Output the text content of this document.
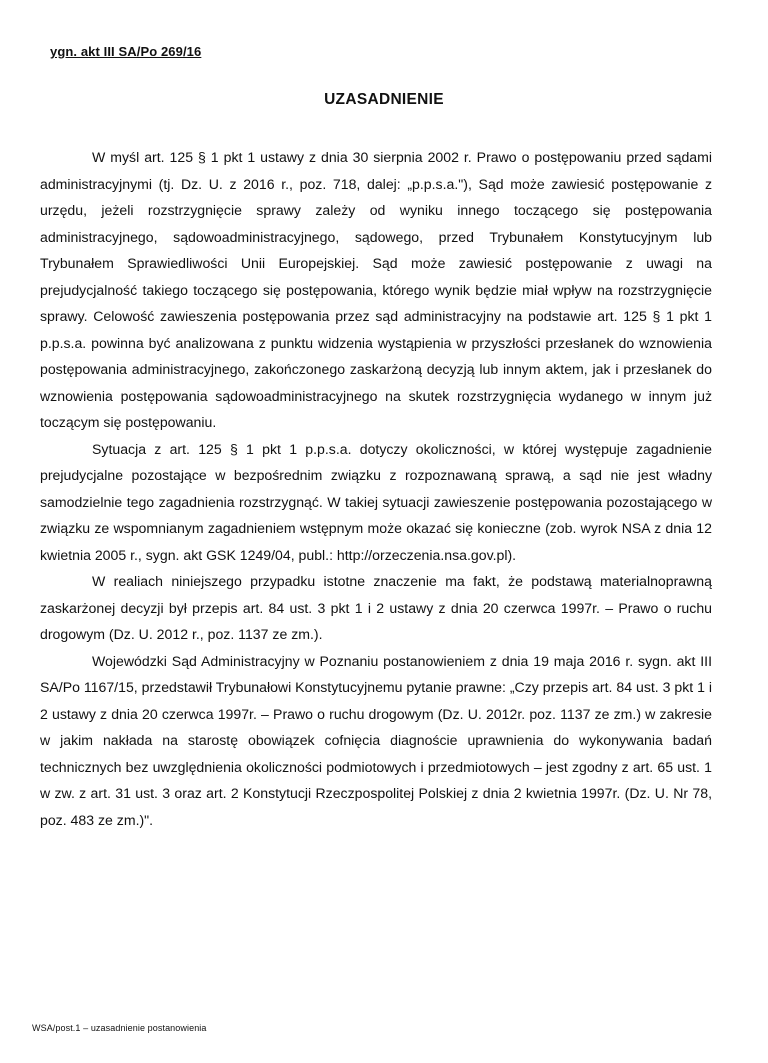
ygn. akt III SA/Po 269/16
UZASADNIENIE

W myśl art. 125 § 1 pkt 1 ustawy z dnia 30 sierpnia 2002 r. Prawo o postępowaniu przed sądami administracyjnymi (tj. Dz. U. z 2016 r., poz. 718, dalej: „p.p.s.a."), Sąd może zawiesić postępowanie z urzędu, jeżeli rozstrzygnięcie sprawy zależy od wyniku innego toczącego się postępowania administracyjnego, sądowoadministracyjnego, sądowego, przed Trybunałem Konstytucyjnym lub Trybunałem Sprawiedliwości Unii Europejskiej. Sąd może zawiesić postępowanie z uwagi na prejudycjalność takiego toczącego się postępowania, którego wynik będzie miał wpływ na rozstrzygnięcie sprawy. Celowość zawieszenia postępowania przez sąd administracyjny na podstawie art. 125 § 1 pkt 1 p.p.s.a. powinna być analizowana z punktu widzenia wystąpienia w przyszłości przesłanek do wznowienia postępowania administracyjnego, zakończonego zaskarżoną decyzją lub innym aktem, jak i przesłanek do wznowienia postępowania sądowoadministracyjnego na skutek rozstrzygnięcia wydanego w innym już toczącym się postępowaniu.

Sytuacja z art. 125 § 1 pkt 1 p.p.s.a. dotyczy okoliczności, w której występuje zagadnienie prejudycjalne pozostające w bezpośrednim związku z rozpoznawaną sprawą, a sąd nie jest władny samodzielnie tego zagadnienia rozstrzygnąć. W takiej sytuacji zawieszenie postępowania pozostającego w związku ze wspomnianym zagadnieniem wstępnym może okazać się konieczne (zob. wyrok NSA z dnia 12 kwietnia 2005 r., sygn. akt GSK 1249/04, publ.: http://orzeczenia.nsa.gov.pl).

W realiach niniejszego przypadku istotne znaczenie ma fakt, że podstawą materialnoprawną zaskarżonej decyzji był przepis art. 84 ust. 3 pkt 1 i 2 ustawy z dnia 20 czerwca 1997r. – Prawo o ruchu drogowym (Dz. U. 2012 r., poz. 1137 ze zm.).

Wojewódzki Sąd Administracyjny w Poznaniu postanowieniem z dnia 19 maja 2016 r. sygn. akt III SA/Po 1167/15, przedstawił Trybunałowi Konstytucyjnemu pytanie prawne: „Czy przepis art. 84 ust. 3 pkt 1 i 2 ustawy z dnia 20 czerwca 1997r. – Prawo o ruchu drogowym (Dz. U. 2012r. poz. 1137 ze zm.) w zakresie w jakim nakłada na starostę obowiązek cofnięcia diagnoście uprawnienia do wykonywania badań technicznych bez uwzględnienia okoliczności podmiotowych i przedmiotowych – jest zgodny z art. 65 ust. 1 w zw. z art. 31 ust. 3 oraz art. 2 Konstytucji Rzeczpospolitej Polskiej z dnia 2 kwietnia 1997r. (Dz. U. Nr 78, poz. 483 ze zm.)".

WSA/post.1 – uzasadnienie postanowienia
